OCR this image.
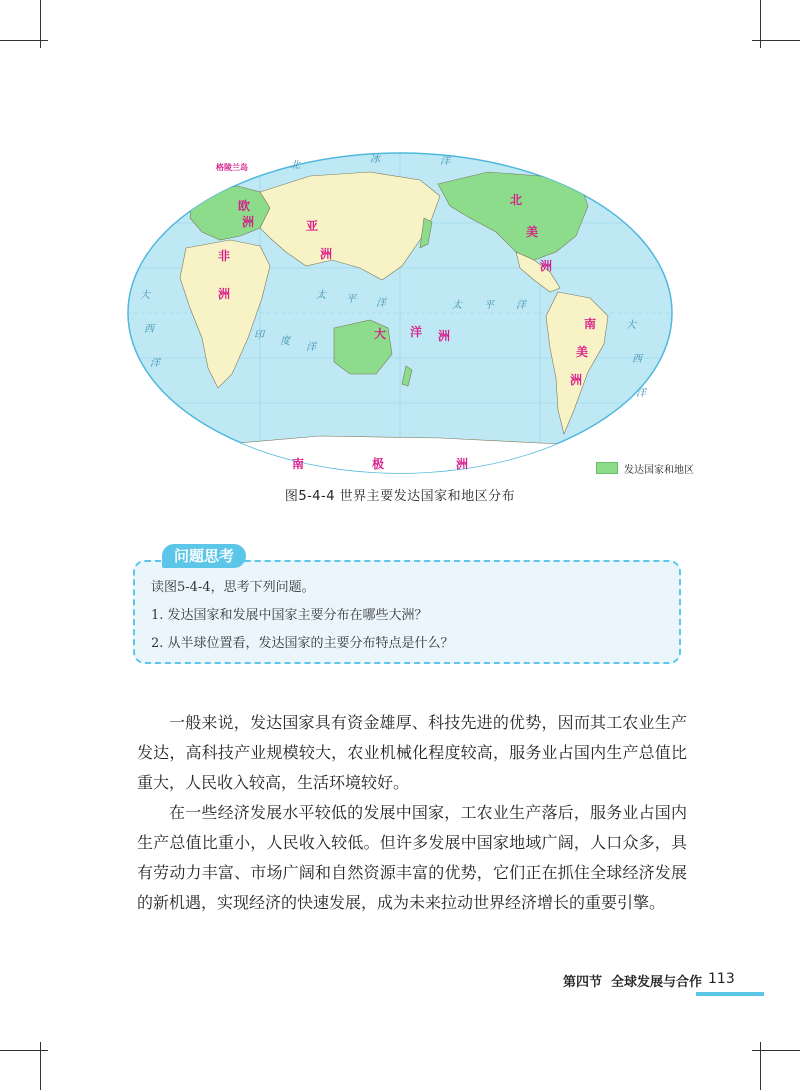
格陵兰岛
欧
洲	亚
洲
非
洲
北
美
洲
南
美
洲
大 洋 洲
南	极	洲
北
冰	洋
太 平 洋	太 平 洋
印
度
洋
大
西
洋
大
西
洋
发达国家和地区
图5-4-4 世界主要发达国家和地区分布
读图5-4-4，思考下列问题。
1. 发达国家和发展中国家主要分布在哪些大洲？
2. 从半球位置看，发达国家的主要分布特点是什么？
问题思考
一般来说，发达国家具有资金雄厚、科技先进的优势，因而其工农业生产发达，高科技产业规模较大，农业机械化程度较高，服务业占国内生产总值比重大，人民收入较高，生活环境较好。
在一些经济发展水平较低的发展中国家，工农业生产落后，服务业占国内生产总值比重小，人民收入较低。但许多发展中国家地域广阔，人口众多，具有劳动力丰富、市场广阔和自然资源丰富的优势，它们正在抓住全球经济发展的新机遇，实现经济的快速发展，成为未来拉动世界经济增长的重要引擎。
第四节 全球发展与合作 113
